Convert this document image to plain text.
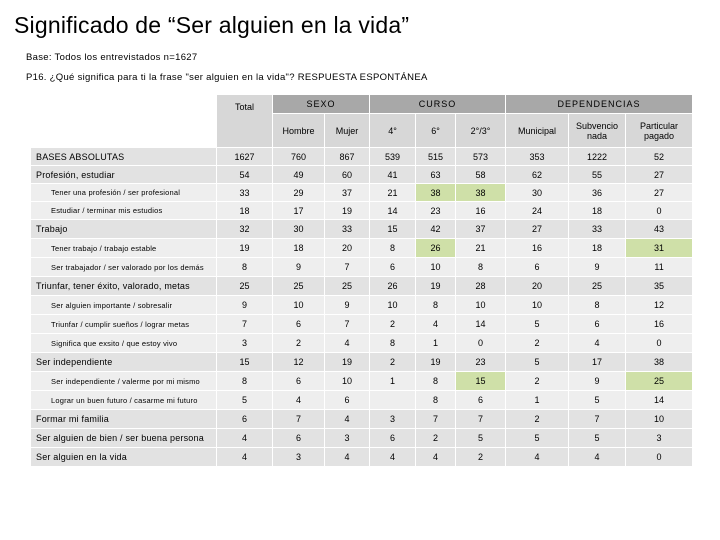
Significado de “Ser alguien en la vida”
Base: Todos los entrevistados n=1627
P16. ¿Qué significa para ti la frase "ser alguien en la vida"? RESPUESTA ESPONTÁNEA
	Total	SEXO		CURSO			DEPENDENCIAS		
		Hombre	Mujer	4°	6°	2°/3°	Municipal	Subvencio nada	Particular pagado
BASES ABSOLUTAS	1627	760	867	539	515	573	353	1222	52
Profesión, estudiar	54	49	60	41	63	58	62	55	27
Tener una profesión / ser profesional	33	29	37	21	38	38	30	36	27
Estudiar / terminar mis estudios	18	17	19	14	23	16	24	18	0
Trabajo	32	30	33	15	42	37	27	33	43
Tener trabajo / trabajo estable	19	18	20	8	26	21	16	18	31
Ser trabajador / ser valorado por los demás	8	9	7	6	10	8	6	9	11
Triunfar, tener éxito, valorado, metas	25	25	25	26	19	28	20	25	35
Ser alguien importante / sobresalir	9	10	9	10	8	10	10	8	12
Triunfar / cumplir sueños / lograr metas	7	6	7	2	4	14	5	6	16
Significa que exsito / que estoy vivo	3	2	4	8	1	0	2	4	0
Ser independiente	15	12	19	2	19	23	5	17	38
Ser independiente / valerme por mi mismo	8	6	10	1	8	15	2	9	25
Lograr un buen futuro / casarme mi futuro	5	4	6		8	6	1	5	14
Formar mi familia	6	7	4	3	7	7	2	7	10
Ser alguien de bien / ser buena persona	4	6	3	6	2	5	5	5	3
Ser alguien en la vida	4	3	4	4	4	2	4	4	0
